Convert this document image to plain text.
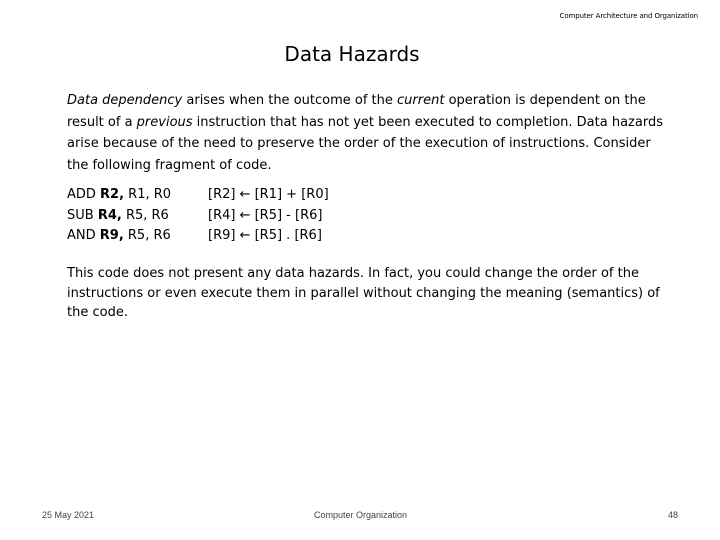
Computer Architecture and Organization
Data Hazards
Data dependency arises when the outcome of the current operation is dependent on the result of a previous instruction that has not yet been executed to completion. Data hazards arise because of the need to preserve the order of the execution of instructions. Consider the following fragment of code.
ADD R2, R1, R0	[R2] ← [R1] + [R0]
SUB R4, R5, R6	[R4] ← [R5] - [R6]
AND R9, R5, R6	[R9] ← [R5] . [R6]
This code does not present any data hazards. In fact, you could change the order of the instructions or even execute them in parallel without changing the meaning (semantics) of the code.
25 May 2021	Computer Organization	48
